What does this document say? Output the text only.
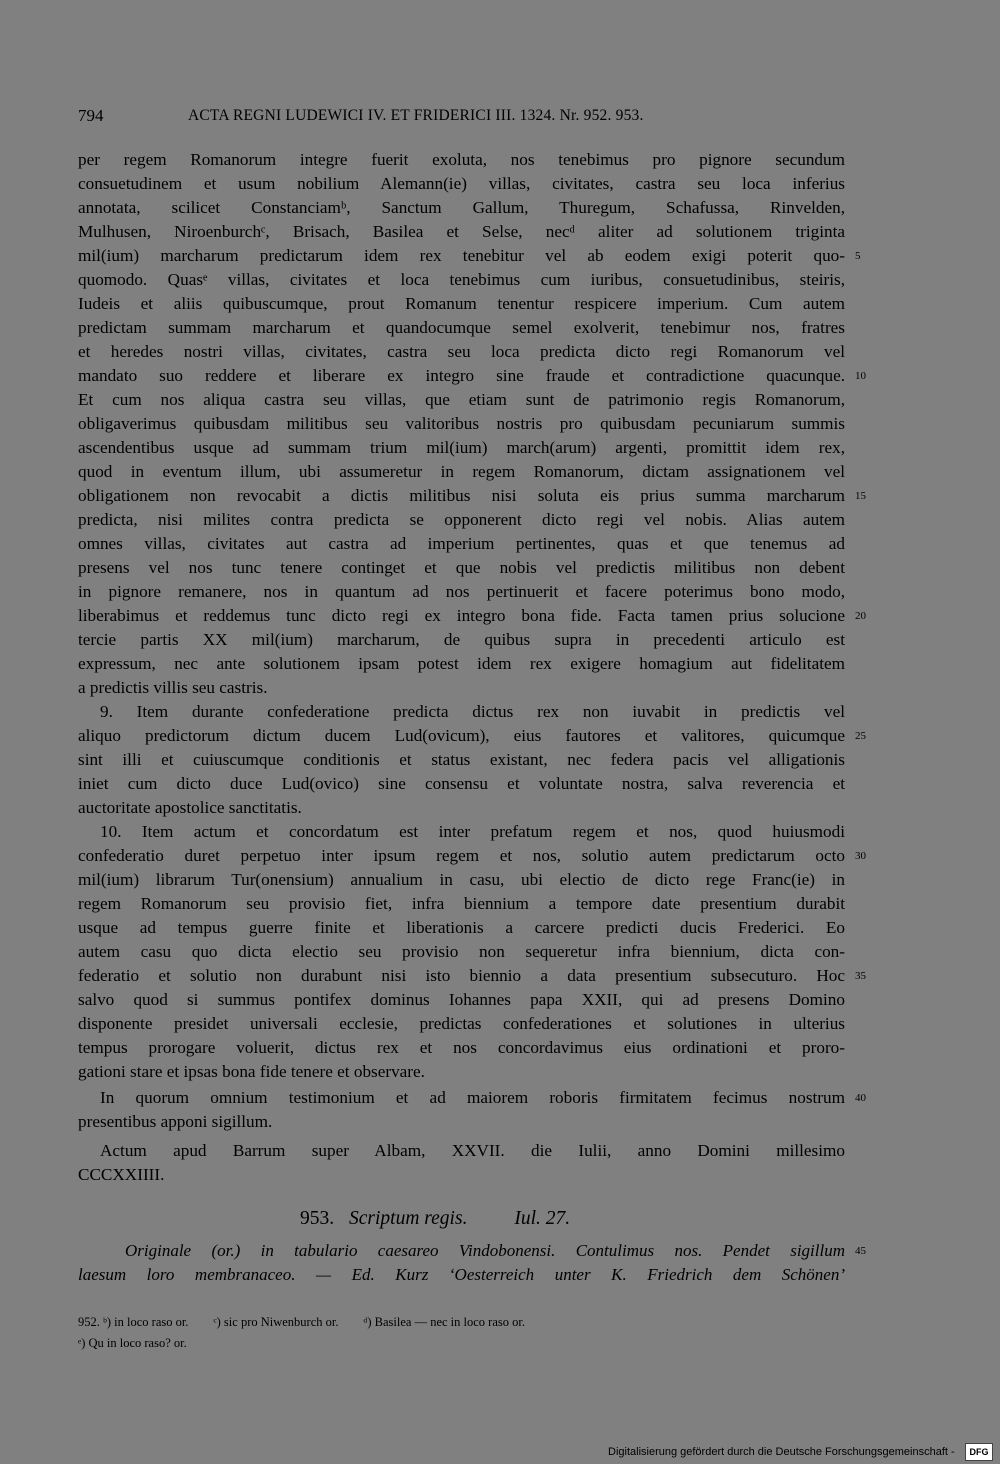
794	ACTA REGNI LUDEWICI IV. ET FRIDERICI III. 1324. Nr. 952. 953.
per regem Romanorum integre fuerit exoluta, nos tenebimus pro pignore secundum
consuetudinem et usum nobilium Alemann(ie) villas, civitates, castra seu loca inferius
annotata, scilicet Constanciamᵇ, Sanctum Gallum, Thuregum, Schafussa, Rinvelden,
Mulhusen, Niroenburchᶜ, Brisach, Basilea et Selse, necᵈ aliter ad solutionem triginta
mil(ium) marcharum predictarum idem rex tenebitur vel ab eodem exigi poterit quo-
quomodo. Quasᵉ villas, civitates et loca tenebimus cum iuribus, consuetudinibus, steiris,
Iudeis et aliis quibuscumque, prout Romanum tenentur respicere imperium. Cum autem
predictam summam marcharum et quandocumque semel exolverit, tenebimur nos, fratres
et heredes nostri villas, civitates, castra seu loca predicta dicto regi Romanorum vel
mandato suo reddere et liberare ex integro sine fraude et contradictione quacunque.
Et cum nos aliqua castra seu villas, que etiam sunt de patrimonio regis Romanorum,
obligaverimus quibusdam militibus seu valitoribus nostris pro quibusdam pecuniarum summis
ascendentibus usque ad summam trium mil(ium) march(arum) argenti, promittit idem rex,
quod in eventum illum, ubi assumeretur in regem Romanorum, dictam assignationem vel
obligationem non revocabit a dictis militibus nisi soluta eis prius summa marcharum
predicta, nisi milites contra predicta se opponerent dicto regi vel nobis. Alias autem
omnes villas, civitates aut castra ad imperium pertinentes, quas et que tenemus ad
presens vel nos tunc tenere continget et que nobis vel predictis militibus non debent
in pignore remanere, nos in quantum ad nos pertinuerit et facere poterimus bono modo,
liberabimus et reddemus tunc dicto regi ex integro bona fide. Facta tamen prius solucione
tercie partis XX mil(ium) marcharum, de quibus supra in precedenti articulo est
expressum, nec ante solutionem ipsam potest idem rex exigere homagium aut fidelitatem
a predictis villis seu castris.
9. Item durante confederatione predicta dictus rex non iuvabit in predictis vel
aliquo predictorum dictum ducem Lud(ovicum), eius fautores et valitores, quicumque
sint illi et cuiuscumque conditionis et status existant, nec federa pacis vel alligationis
iniet cum dicto duce Lud(ovico) sine consensu et voluntate nostra, salva reverencia et
auctoritate apostolice sanctitatis.
10. Item actum et concordatum est inter prefatum regem et nos, quod huiusmodi
confederatio duret perpetuo inter ipsum regem et nos, solutio autem predictarum octo
mil(ium) librarum Tur(onensium) annualium in casu, ubi electio de dicto rege Franc(ie) in
regem Romanorum seu provisio fiet, infra biennium a tempore date presentium durabit
usque ad tempus guerre finite et liberationis a carcere predicti ducis Frederici. Eo
autem casu quo dicta electio seu provisio non sequeretur infra biennium, dicta con-
federatio et solutio non durabunt nisi isto biennio a data presentium subsecuturo. Hoc
salvo quod si summus pontifex dominus Iohannes papa XXII, qui ad presens Domino
disponente presidet universali ecclesie, predictas confederationes et solutiones in ulterius
tempus prorogare voluerit, dictus rex et nos concordavimus eius ordinationi et proro-
gationi stare et ipsas bona fide tenere et observare.
In quorum omnium testimonium et ad maiorem roboris firmitatem fecimus nostrum
presentibus apponi sigillum.
Actum apud Barrum super Albam, XXVII. die Iulii, anno Domini millesimo
CCCXXIIII.
5
10
15
20
25
30
35
40
45
953. Scriptum regis. Iul. 27.
Originale (or.) in tabulario caesareo Vindobonensi. Contulimus nos. Pendet sigillum
laesum loro membranaceo. — Ed. Kurz ‘Oesterreich unter K. Friedrich dem Schönen’
952. ᵇ) in loco raso or.        ᶜ) sic pro Niwenburch or.        ᵈ) Basilea — nec in loco raso or.
ᵉ) Qu in loco raso? or.
Digitalisierung gefördert durch die Deutsche Forschungsgemeinschaft -	DFG
